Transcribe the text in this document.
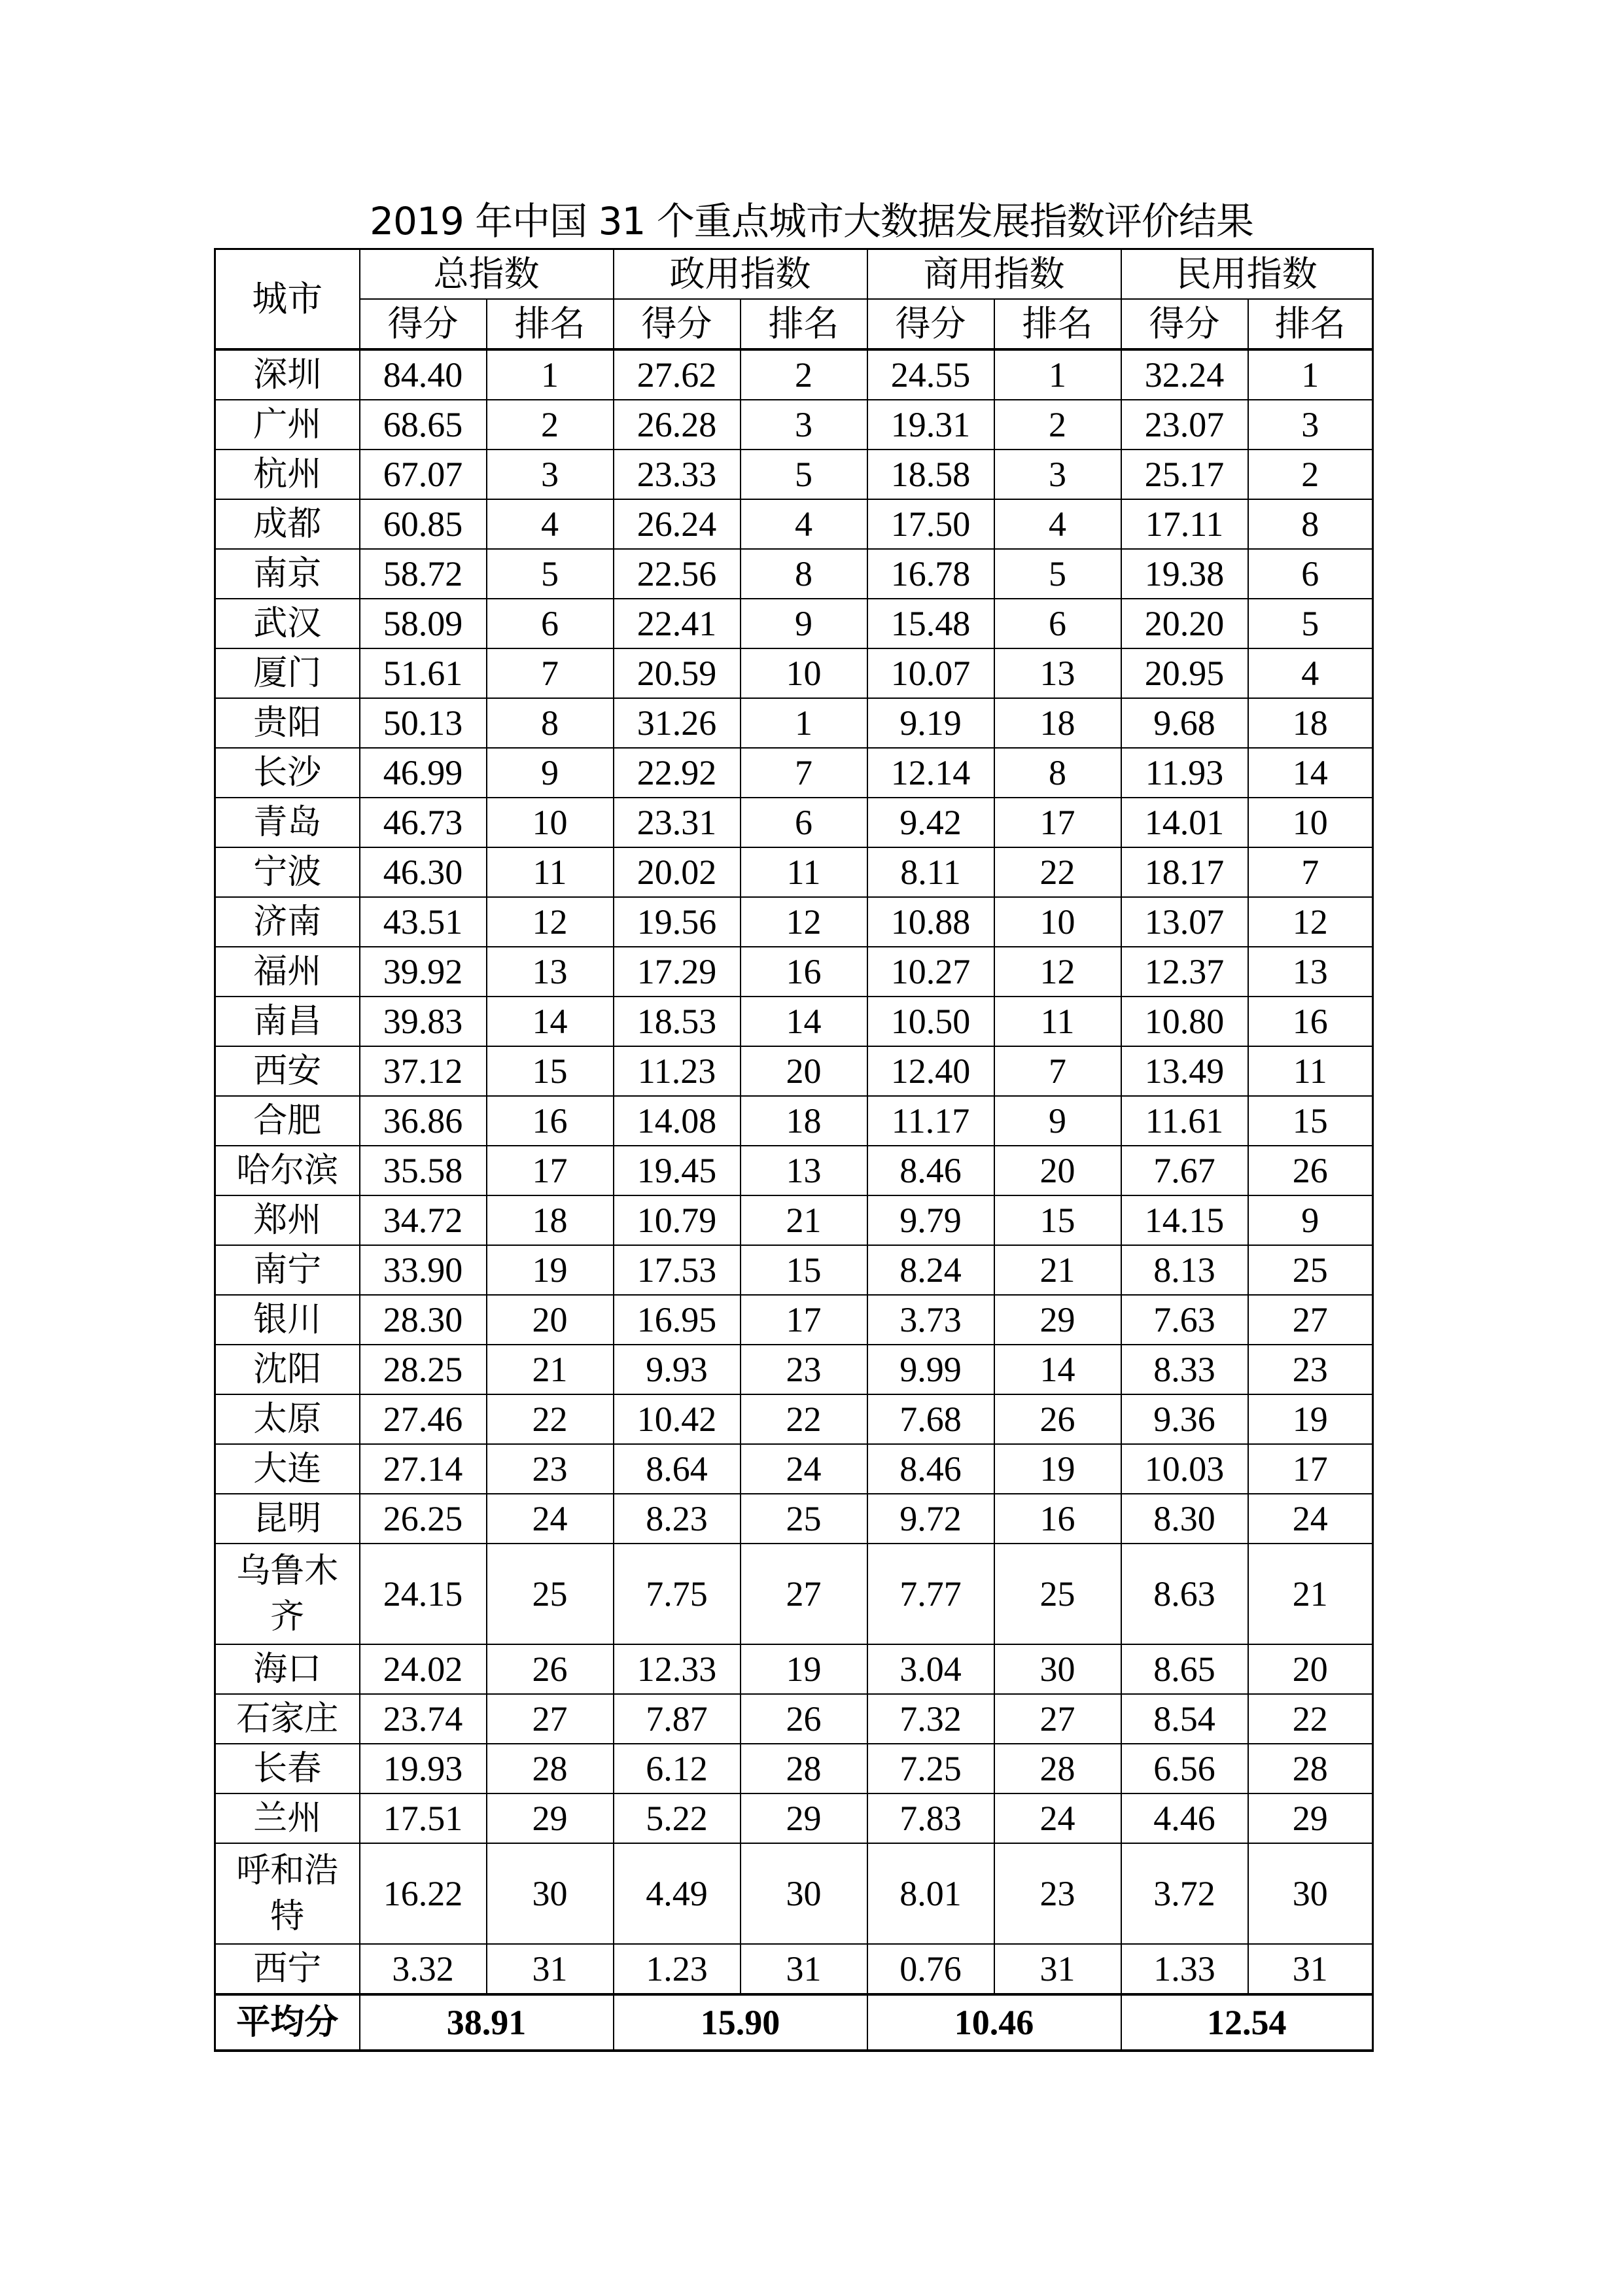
2019 年中国 31 个重点城市大数据发展指数评价结果
城市	总指数		政用指数		商用指数		民用指数	
	得分	排名	得分	排名	得分	排名	得分	排名
深圳	84.40	1	27.62	2	24.55	1	32.24	1
广州	68.65	2	26.28	3	19.31	2	23.07	3
杭州	67.07	3	23.33	5	18.58	3	25.17	2
成都	60.85	4	26.24	4	17.50	4	17.11	8
南京	58.72	5	22.56	8	16.78	5	19.38	6
武汉	58.09	6	22.41	9	15.48	6	20.20	5
厦门	51.61	7	20.59	10	10.07	13	20.95	4
贵阳	50.13	8	31.26	1	9.19	18	9.68	18
长沙	46.99	9	22.92	7	12.14	8	11.93	14
青岛	46.73	10	23.31	6	9.42	17	14.01	10
宁波	46.30	11	20.02	11	8.11	22	18.17	7
济南	43.51	12	19.56	12	10.88	10	13.07	12
福州	39.92	13	17.29	16	10.27	12	12.37	13
南昌	39.83	14	18.53	14	10.50	11	10.80	16
西安	37.12	15	11.23	20	12.40	7	13.49	11
合肥	36.86	16	14.08	18	11.17	9	11.61	15
哈尔滨	35.58	17	19.45	13	8.46	20	7.67	26
郑州	34.72	18	10.79	21	9.79	15	14.15	9
南宁	33.90	19	17.53	15	8.24	21	8.13	25
银川	28.30	20	16.95	17	3.73	29	7.63	27
沈阳	28.25	21	9.93	23	9.99	14	8.33	23
太原	27.46	22	10.42	22	7.68	26	9.36	19
大连	27.14	23	8.64	24	8.46	19	10.03	17
昆明	26.25	24	8.23	25	9.72	16	8.30	24
乌鲁木齐	24.15	25	7.75	27	7.77	25	8.63	21
海口	24.02	26	12.33	19	3.04	30	8.65	20
石家庄	23.74	27	7.87	26	7.32	27	8.54	22
长春	19.93	28	6.12	28	7.25	28	6.56	28
兰州	17.51	29	5.22	29	7.83	24	4.46	29
呼和浩特	16.22	30	4.49	30	8.01	23	3.72	30
西宁	3.32	31	1.23	31	0.76	31	1.33	31
平均分	38.91		15.90		10.46		12.54	
